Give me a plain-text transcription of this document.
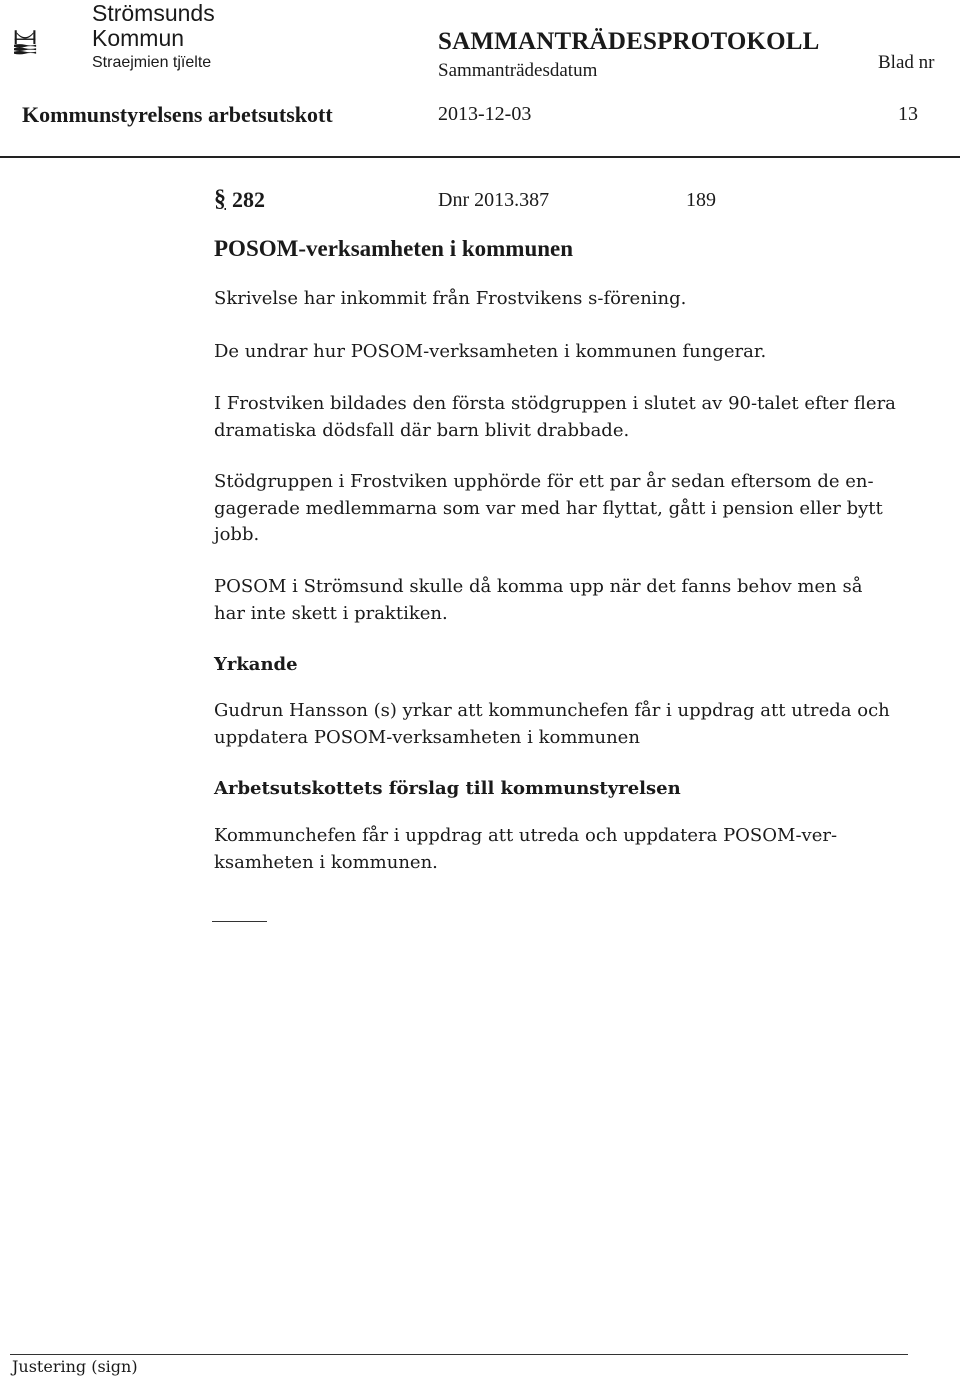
Strömsunds
Kommun
Straejmien tjïelte
SAMMANTRÄDESPROTOKOLL
Sammanträdesdatum	Blad nr
Kommunstyrelsens arbetsutskott	2013-12-03	13
§ 282	Dnr 2013.387	189
POSOM-verksamheten i kommunen
Skrivelse har inkommit från Frostvikens s-förening.
De undrar hur POSOM-verksamheten i kommunen fungerar.
I Frostviken bildades den första stödgruppen i slutet av 90-talet efter flera
dramatiska dödsfall där barn blivit drabbade.
Stödgruppen i Frostviken upphörde för ett par år sedan eftersom de en-
gagerade medlemmarna som var med har flyttat, gått i pension eller bytt
jobb.
POSOM i Strömsund skulle då komma upp när det fanns behov men så
har inte skett i praktiken.
Yrkande
Gudrun Hansson (s) yrkar att kommunchefen får i uppdrag att utreda och
uppdatera POSOM-verksamheten i kommunen
Arbetsutskottets förslag till kommunstyrelsen
Kommunchefen får i uppdrag att utreda och uppdatera POSOM-ver-
ksamheten i kommunen.
Justering (sign)
